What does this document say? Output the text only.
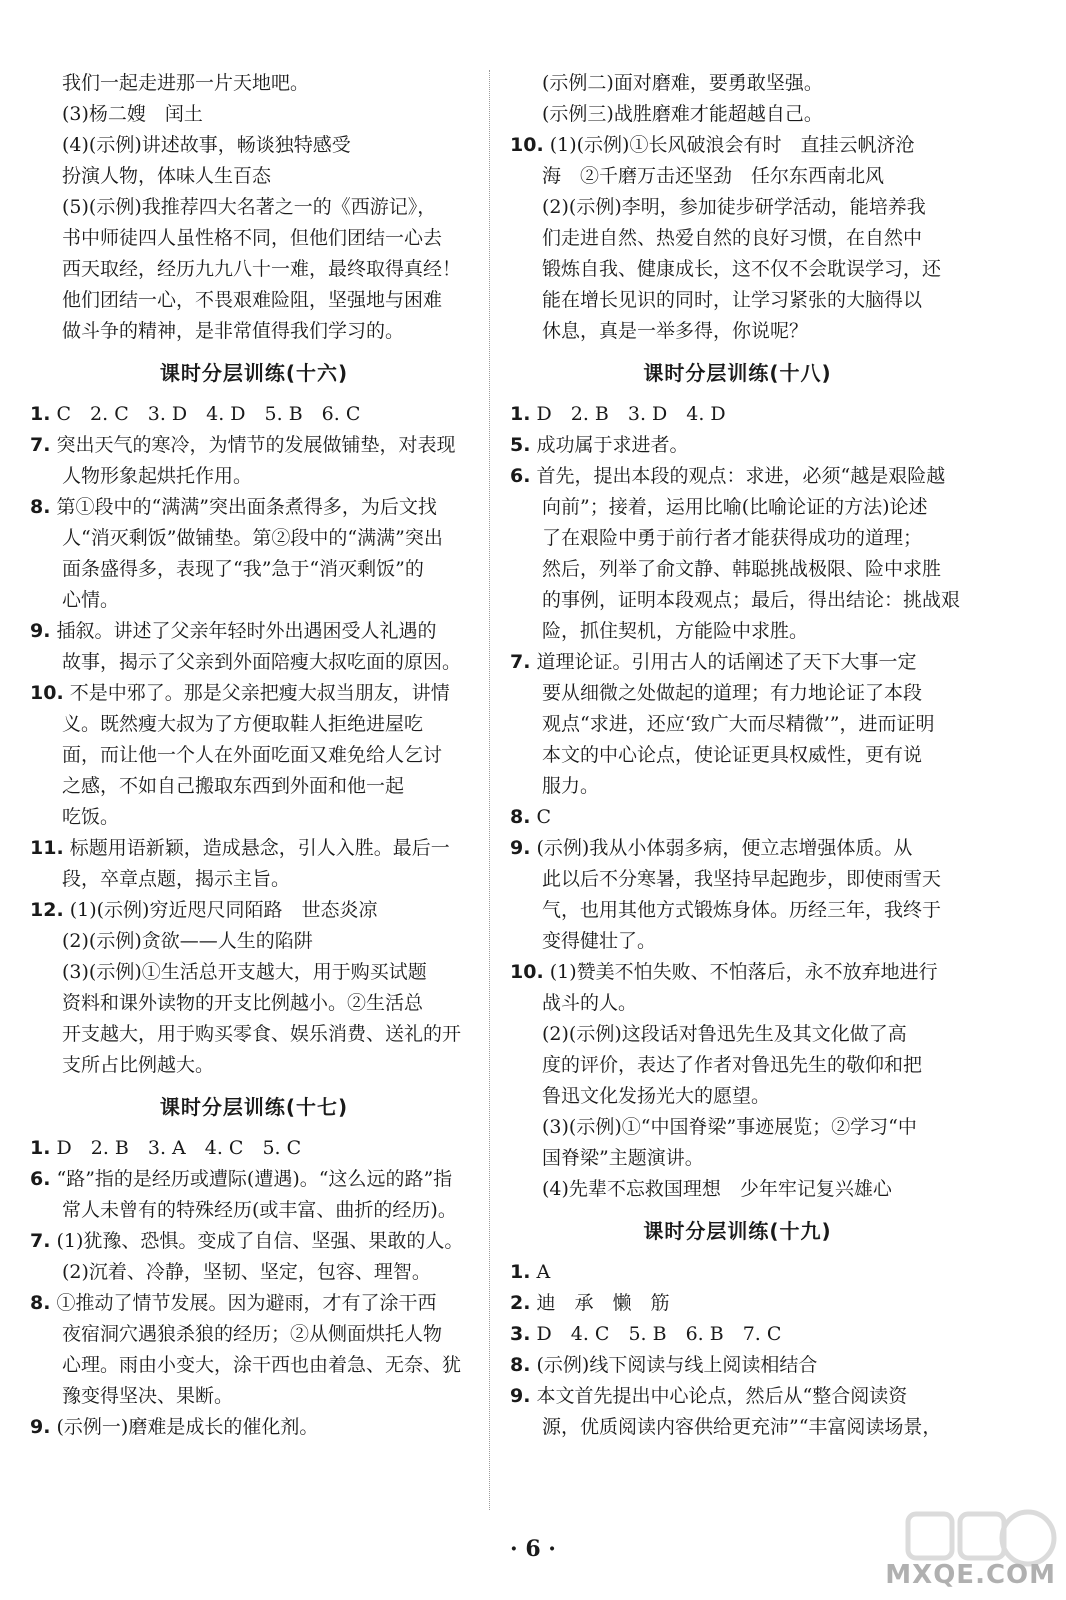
我们一起走进那一片天地吧。
(3)杨二嫂　闰土
(4)(示例)讲述故事，畅谈独特感受
扮演人物，体味人生百态
(5)(示例)我推荐四大名著之一的《西游记》，
书中师徒四人虽性格不同，但他们团结一心去
西天取经，经历九九八十一难，最终取得真经！
他们团结一心，不畏艰难险阻，坚强地与困难
做斗争的精神，是非常值得我们学习的。
课时分层训练(十六)
1. C　2. C　3. D　4. D　5. B　6. C
7. 突出天气的寒冷，为情节的发展做铺垫，对表现
人物形象起烘托作用。
8. 第①段中的“满满”突出面条煮得多，为后文找
人“消灭剩饭”做铺垫。第②段中的“满满”突出
面条盛得多，表现了“我”急于“消灭剩饭”的
心情。
9. 插叙。讲述了父亲年轻时外出遇困受人礼遇的
故事，揭示了父亲到外面陪瘦大叔吃面的原因。
10. 不是中邪了。那是父亲把瘦大叔当朋友，讲情
义。既然瘦大叔为了方便取鞋人拒绝进屋吃
面，而让他一个人在外面吃面又难免给人乞讨
之感，不如自己搬取东西到外面和他一起
吃饭。
11. 标题用语新颖，造成悬念，引人入胜。最后一
段，卒章点题，揭示主旨。
12. (1)(示例)穷近咫尺同陌路　世态炎凉
(2)(示例)贪欲——人生的陷阱
(3)(示例)①生活总开支越大，用于购买试题
资料和课外读物的开支比例越小。②生活总
开支越大，用于购买零食、娱乐消费、送礼的开
支所占比例越大。
课时分层训练(十七)
1. D　2. B　3. A　4. C　5. C
6. “路”指的是经历或遭际(遭遇)。“这么远的路”指
常人未曾有的特殊经历(或丰富、曲折的经历)。
7. (1)犹豫、恐惧。变成了自信、坚强、果敢的人。
(2)沉着、冷静，坚韧、坚定，包容、理智。
8. ①推动了情节发展。因为避雨，才有了涂干西
夜宿洞穴遇狼杀狼的经历；②从侧面烘托人物
心理。雨由小变大，涂干西也由着急、无奈、犹
豫变得坚决、果断。
9. (示例一)磨难是成长的催化剂。
(示例二)面对磨难，要勇敢坚强。
(示例三)战胜磨难才能超越自己。
10. (1)(示例)①长风破浪会有时　直挂云帆济沧
海　②千磨万击还坚劲　任尔东西南北风
(2)(示例)李明，参加徒步研学活动，能培养我
们走进自然、热爱自然的良好习惯，在自然中
锻炼自我、健康成长，这不仅不会耽误学习，还
能在增长见识的同时，让学习紧张的大脑得以
休息，真是一举多得，你说呢？
课时分层训练(十八)
1. D　2. B　3. D　4. D
5. 成功属于求进者。
6. 首先，提出本段的观点：求进，必须“越是艰险越
向前”；接着，运用比喻(比喻论证的方法)论述
了在艰险中勇于前行者才能获得成功的道理；
然后，列举了俞文静、韩聪挑战极限、险中求胜
的事例，证明本段观点；最后，得出结论：挑战艰
险，抓住契机，方能险中求胜。
7. 道理论证。引用古人的话阐述了天下大事一定
要从细微之处做起的道理；有力地论证了本段
观点“求进，还应‘致广大而尽精微’”，进而证明
本文的中心论点，使论证更具权威性，更有说
服力。
8. C
9. (示例)我从小体弱多病，便立志增强体质。从
此以后不分寒暑，我坚持早起跑步，即使雨雪天
气，也用其他方式锻炼身体。历经三年，我终于
变得健壮了。
10. (1)赞美不怕失败、不怕落后，永不放弃地进行
战斗的人。
(2)(示例)这段话对鲁迅先生及其文化做了高
度的评价，表达了作者对鲁迅先生的敬仰和把
鲁迅文化发扬光大的愿望。
(3)(示例)①“中国脊梁”事迹展览；②学习“中
国脊梁”主题演讲。
(4)先辈不忘救国理想　少年牢记复兴雄心
课时分层训练(十九)
1. A
2. 迪　承　懒　筋
3. D　4. C　5. B　6. B　7. C
8. (示例)线下阅读与线上阅读相结合
9. 本文首先提出中心论点，然后从“整合阅读资
源，优质阅读内容供给更充沛”“丰富阅读场景，
· 6 ·
MXQE.COM
